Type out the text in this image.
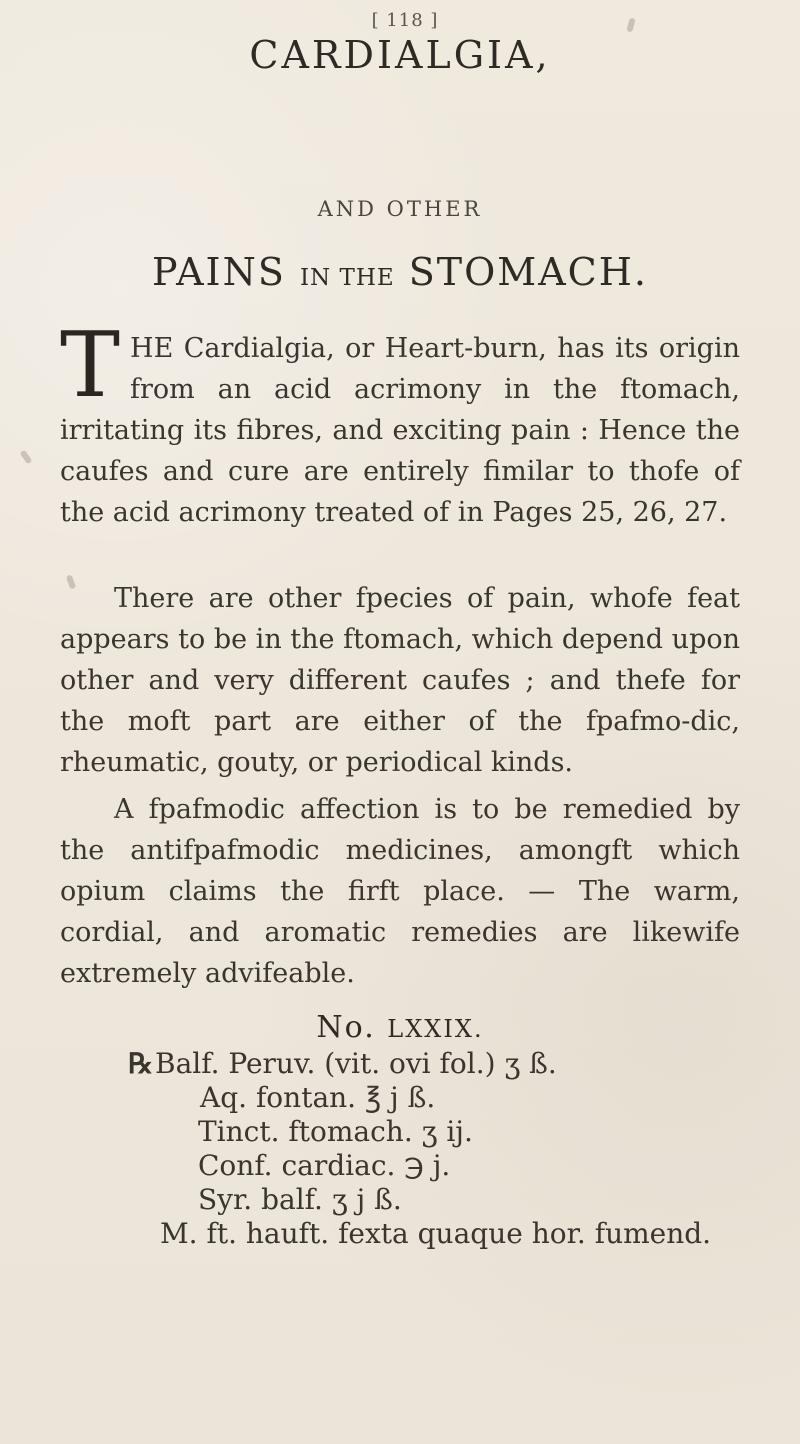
[ 118 ]
CARDIALGIA,
AND OTHER
PAINS IN THE STOMACH.
T HE Cardialgia, or Heart-burn, has its origin from an acid acrimony in the ftomach, irritating its fibres, and exciting pain : Hence the caufes and cure are entirely fimilar to thofe of the acid acrimony treated of in Pages 25, 26, 27.

There are other fpecies of pain, whofe feat appears to be in the ftomach, which depend upon other and very different caufes ; and thefe for the moft part are either of the fpafmo-dic, rheumatic, gouty, or periodical kinds.

A fpafmodic affection is to be remedied by the antifpafmodic medicines, amongft which opium claims the firft place. — The warm, cordial, and aromatic remedies are likewife extremely advifeable.

No. LXXIX.
℞ Balf. Peruv. (vit. ovi fol.) ʒ ß.
Aq. fontan. ℥ j ß.
Tinct. ftomach. ʒ ij.
Conf. cardiac. ℈ j.
Syr. balf. ʒ j ß.
M. ft. hauft. fexta quaque hor. fumend.
